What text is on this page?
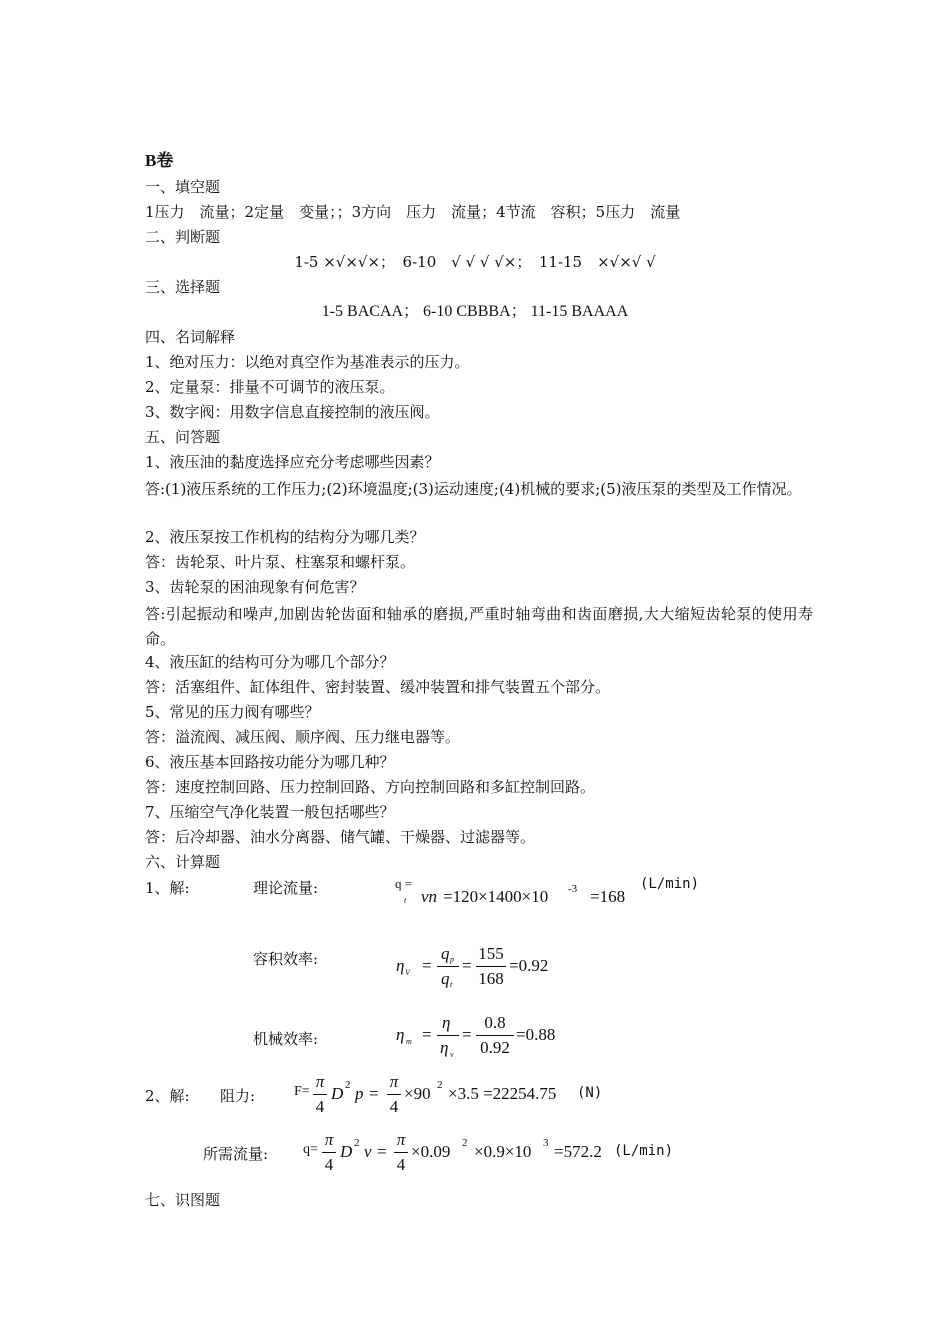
B卷
一、填空题
1压力　流量；2定量　变量；；3方向　压力　流量；4节流　容积；5压力　流量
二、判断题
1-5 ×√×√×；　6-10　√ √ √ √×；　11-15　×√×√ √
三、选择题
1-5 BACAA； 6-10 CBBBA； 11-15 BAAAA
四、名词解释
1、绝对压力：以绝对真空作为基准表示的压力。
2、定量泵：排量不可调节的液压泵。
3、数字阀：用数字信息直接控制的液压阀。
五、问答题
1、液压油的黏度选择应充分考虑哪些因素？
答:(1)液压系统的工作压力;(2)环境温度;(3)运动速度;(4)机械的要求;(5)液压泵的类型及工作情况。
2、液压泵按工作机构的结构分为哪几类？
答：齿轮泵、叶片泵、柱塞泵和螺杆泵。
3、齿轮泵的困油现象有何危害？
答:引起振动和噪声,加剧齿轮齿面和轴承的磨损,严重时轴弯曲和齿面磨损,大大缩短齿轮泵的使用寿命。
4、液压缸的结构可分为哪几个部分？
答：活塞组件、缸体组件、密封装置、缓冲装置和排气装置五个部分。
5、常见的压力阀有哪些？
答：溢流阀、减压阀、顺序阀、压力继电器等。
6、液压基本回路按功能分为哪几种？
答：速度控制回路、压力控制回路、方向控制回路和多缸控制回路。
7、压缩空气净化装置一般包括哪些？
答：后冷却器、油水分离器、储气罐、干燥器、过滤器等。
六、计算题
1、解:	理论流量:	q =
t vn =120×1400×10 -3 =168
(L/min)
容积效率:	η V =
q p
q t
=
155
168
=0.92
机械效率:	η m =
η
η v
=
0.8
0.92
=0.88
2、解: 阻力:	F=
π
4
D 2 p =
π
4
×90 2 ×3.5 =22254.75 (N)
所需流量: q=
π
4
D 2 v =
π
4
×0.09 2 ×0.9×10 3 =572.2 (L/min)
七、识图题
